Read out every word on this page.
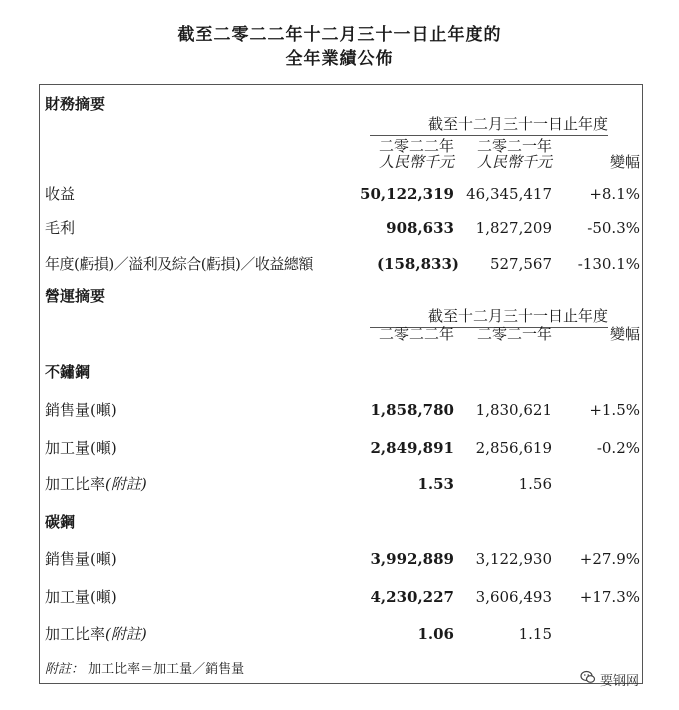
截至二零二二年十二月三十一日止年度的
全年業績公佈
財務摘要
截至十二月三十一日止年度
二零二二年	二零二一年
人民幣千元	人民幣千元	變幅
收益	50,122,319 46,345,417	+8.1%
毛利	908,633	1,827,209	-50.3%
年度(虧損)／溢利及綜合(虧損)／收益總額	(158,833)	527,567	-130.1%
營運摘要
截至十二月三十一日止年度
二零二二年	二零二一年	變幅
不鏽鋼
銷售量(噸)	1,858,780	1,830,621	+1.5%
加工量(噸)	2,849,891	2,856,619	-0.2%
加工比率(附註)	1.53	1.56
碳鋼
銷售量(噸)	3,992,889	3,122,930	+27.9%
加工量(噸)	4,230,227	3,606,493	+17.3%
加工比率(附註)	1.06	1.15
附註： 加工比率＝加工量／銷售量
要钢网
